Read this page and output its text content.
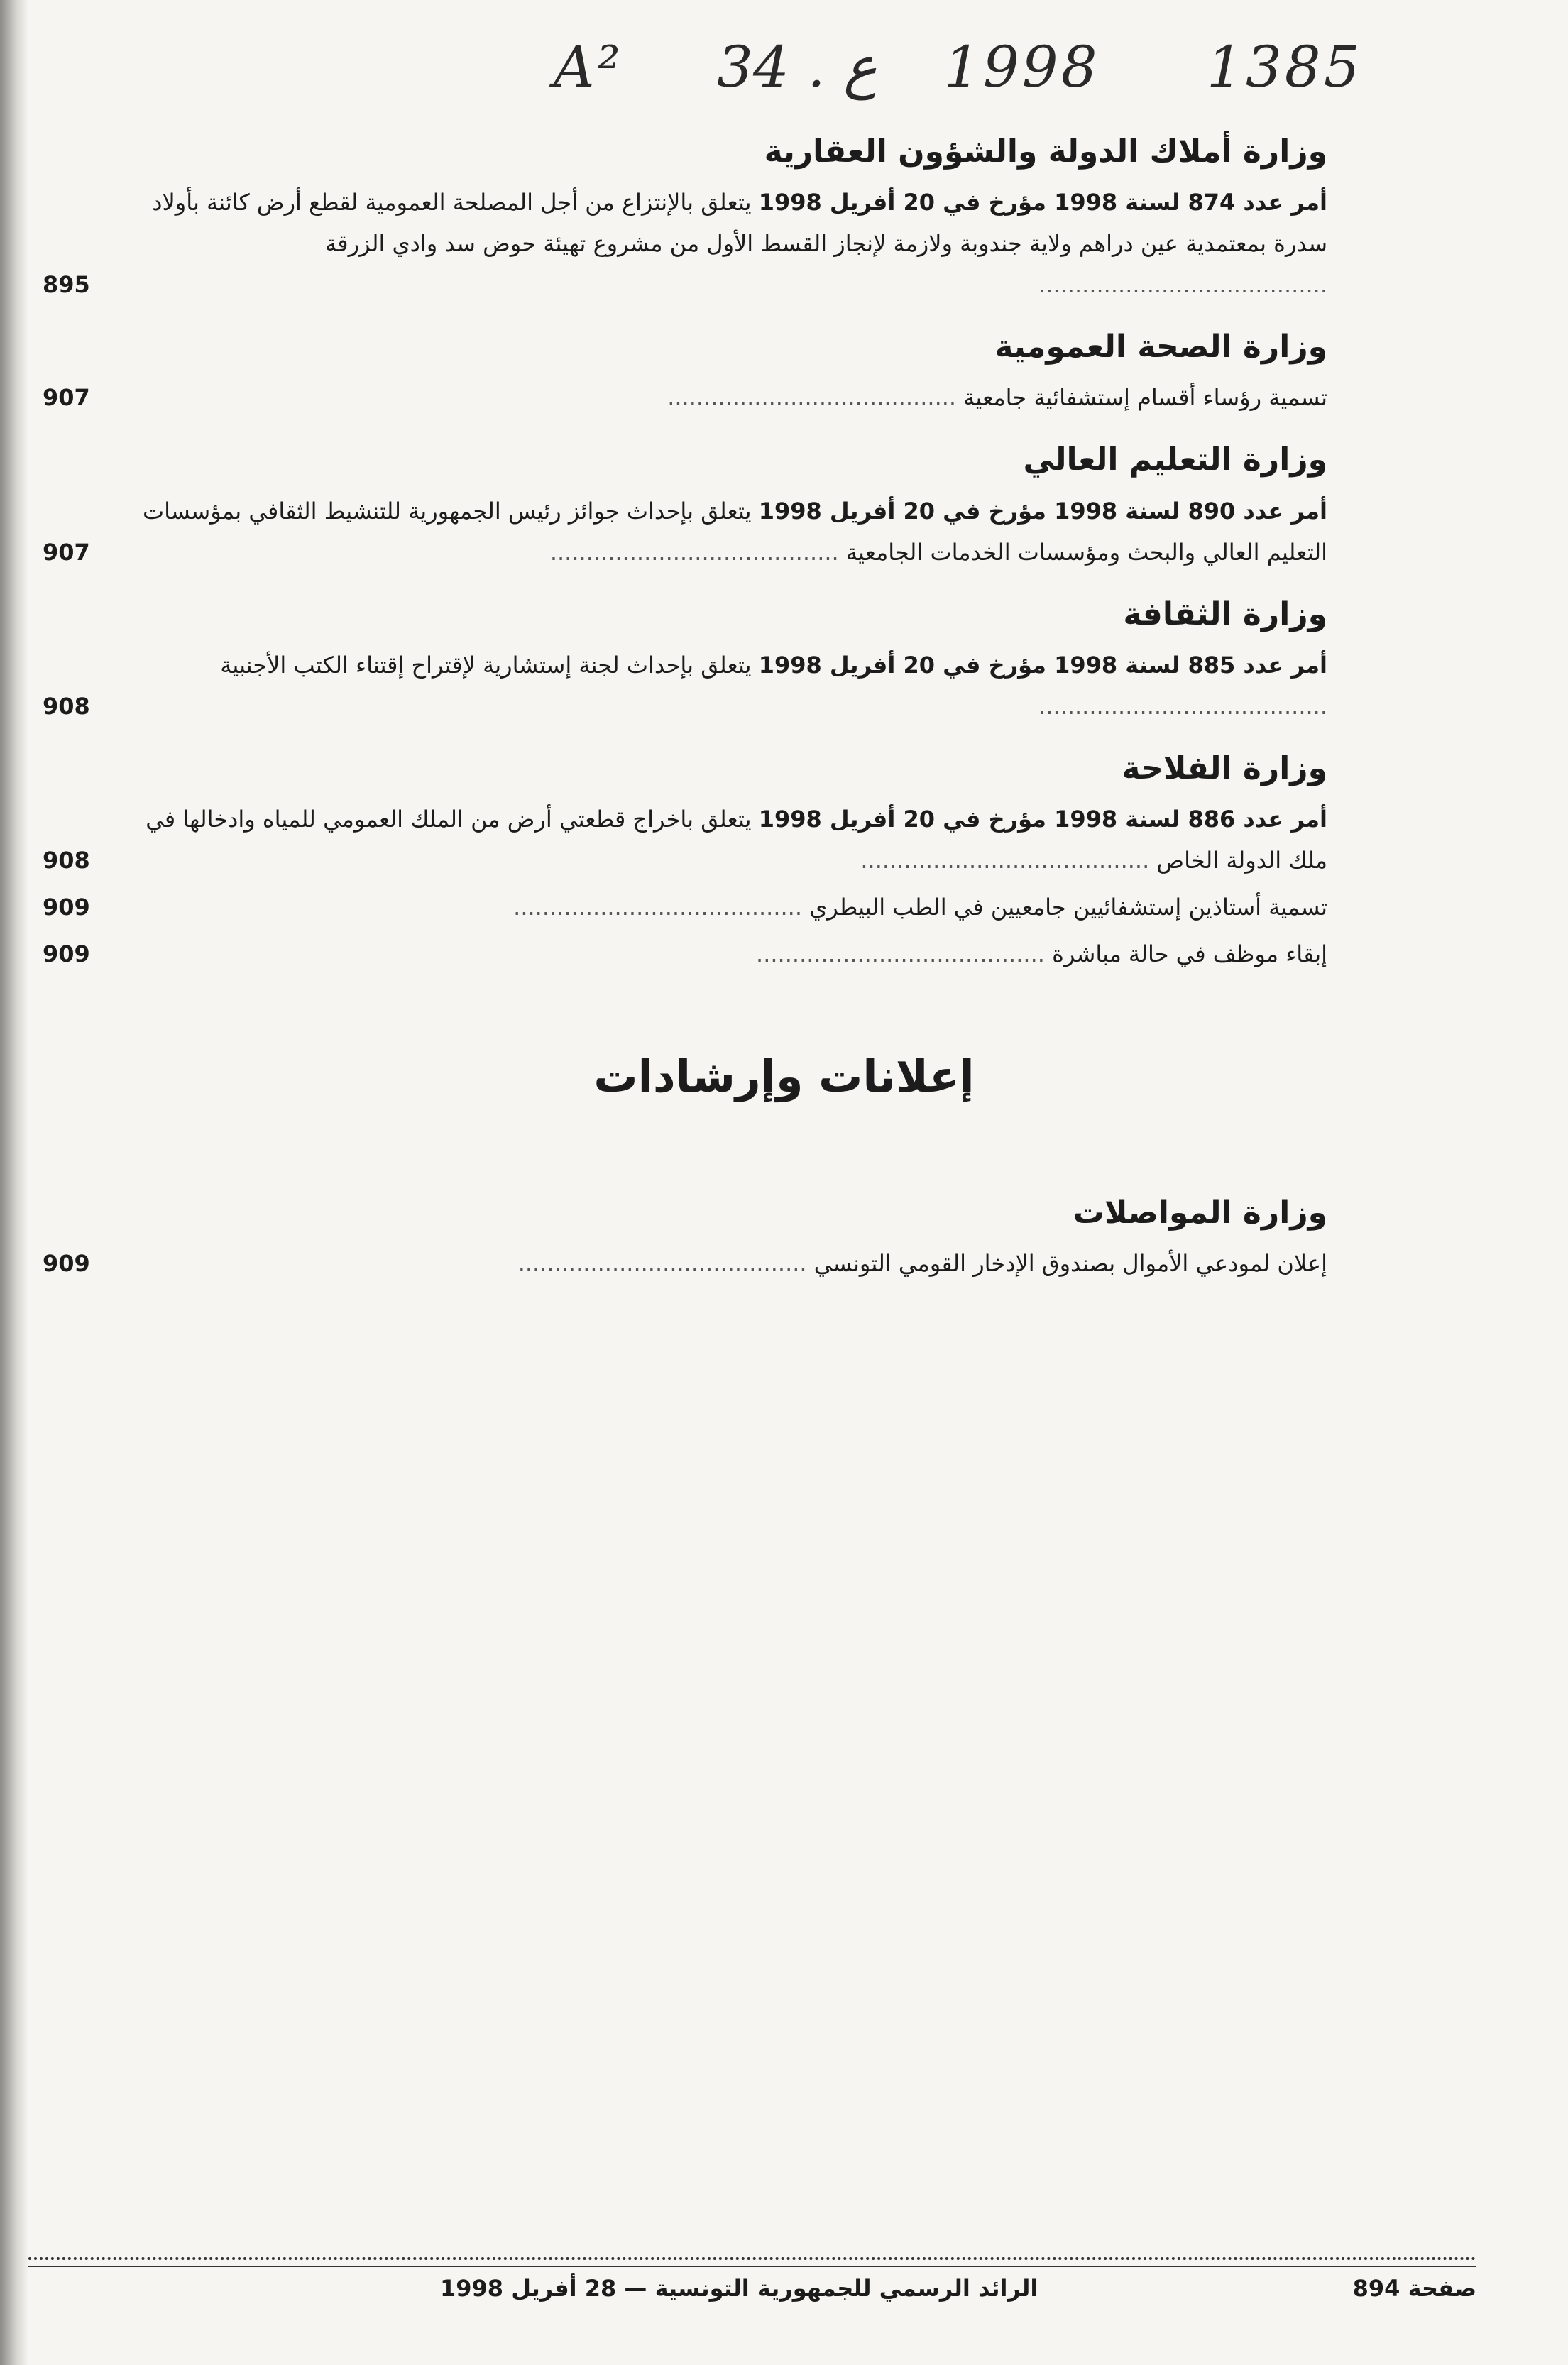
A² 34 . ع 1998 1385
وزارة أملاك الدولة والشؤون العقارية
أمر عدد 874 لسنة 1998 مؤرخ في 20 أفريل 1998 يتعلق بالإنتزاع من أجل المصلحة العمومية لقطع أرض كائنة بأولاد سدرة بمعتمدية عين دراهم ولاية جندوبة ولازمة لإنجاز القسط الأول من مشروع تهيئة حوض سد وادي الزرقة ........................................
895
وزارة الصحة العمومية
تسمية رؤساء أقسام إستشفائية جامعية ........................................
907
وزارة التعليم العالي
أمر عدد 890 لسنة 1998 مؤرخ في 20 أفريل 1998 يتعلق بإحداث جوائز رئيس الجمهورية للتنشيط الثقافي بمؤسسات التعليم العالي والبحث ومؤسسات الخدمات الجامعية ........................................
907
وزارة الثقافة
أمر عدد 885 لسنة 1998 مؤرخ في 20 أفريل 1998 يتعلق بإحداث لجنة إستشارية لإقتراح إقتناء الكتب الأجنبية ........................................
908
وزارة الفلاحة
أمر عدد 886 لسنة 1998 مؤرخ في 20 أفريل 1998 يتعلق باخراج قطعتي أرض من الملك العمومي للمياه وادخالها في ملك الدولة الخاص ........................................
908
تسمية أستاذين إستشفائيين جامعيين في الطب البيطري ........................................
909
إبقاء موظف في حالة مباشرة ........................................
909
إعلانات وإرشادات
وزارة المواصلات
إعلان لمودعي الأموال بصندوق الإدخار القومي التونسي ........................................
909
صفحة 894
الرائد الرسمي للجمهورية التونسية — 28 أفريل 1998
